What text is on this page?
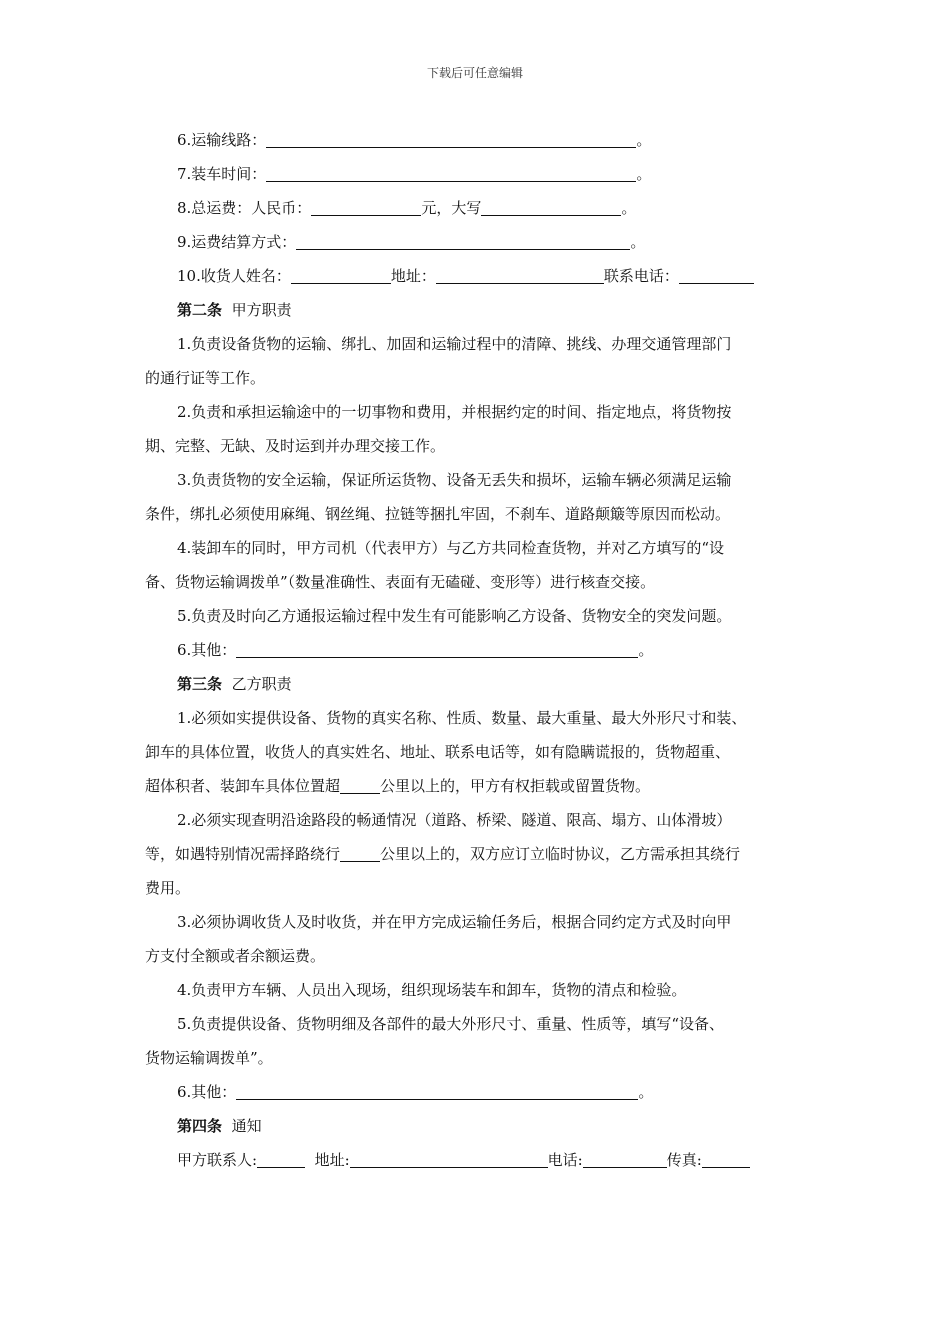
下载后可任意编辑
6.运输线路：	。
7.装车时间：	。
8.总运费：人民币：	元，大写	。
9.运费结算方式：	。
10.收货人姓名：	地址：	联系电话：
第二条 甲方职责
1.负责设备货物的运输、绑扎、加固和运输过程中的清障、挑线、办理交通管理部门
的通行证等工作。
2.负责和承担运输途中的一切事物和费用，并根据约定的时间、指定地点，将货物按
期、完整、无缺、及时运到并办理交接工作。
3.负责货物的安全运输，保证所运货物、设备无丢失和损坏，运输车辆必须满足运输
条件，绑扎必须使用麻绳、钢丝绳、拉链等捆扎牢固，不刹车、道路颠簸等原因而松动。
4.装卸车的同时，甲方司机（代表甲方）与乙方共同检查货物，并对乙方填写的“设
备、货物运输调拨单”（数量准确性、表面有无磕碰、变形等）进行核查交接。
5.负责及时向乙方通报运输过程中发生有可能影响乙方设备、货物安全的突发问题。
6.其他：	。
第三条 乙方职责
1.必须如实提供设备、货物的真实名称、性质、数量、最大重量、最大外形尺寸和装、
卸车的具体位置，收货人的真实姓名、地址、联系电话等，如有隐瞒谎报的，货物超重、
超体积者、装卸车具体位置超	公里以上的，甲方有权拒载或留置货物。
2.必须实现查明沿途路段的畅通情况（道路、桥梁、隧道、限高、塌方、山体滑坡）
等，如遇特别情况需择路绕行	公里以上的，双方应订立临时协议，乙方需承担其绕行
费用。
3.必须协调收货人及时收货，并在甲方完成运输任务后，根据合同约定方式及时向甲
方支付全额或者余额运费。
4.负责甲方车辆、人员出入现场，组织现场装车和卸车，货物的清点和检验。
5.负责提供设备、货物明细及各部件的最大外形尺寸、重量、性质等，填写“设备、
货物运输调拨单”。
6.其他：	。
第四条 通知
甲方联系人:	地址:	电话:	传真:
